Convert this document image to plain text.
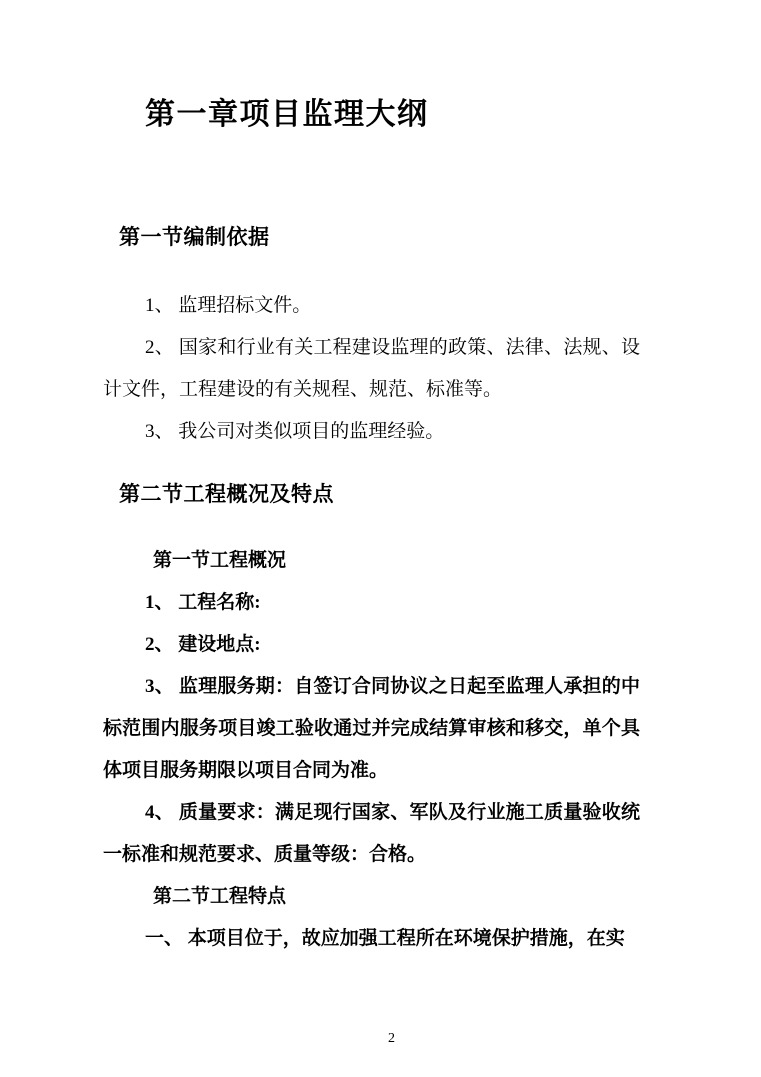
第一章项目监理大纲
第一节编制依据

1、 监理招标文件。

2、 国家和行业有关工程建设监理的政策、法律、法规、设计文件，工程建设的有关规程、规范、标准等。

3、 我公司对类似项目的监理经验。

第二节工程概况及特点

第一节工程概况

1、 工程名称:

2、 建设地点:

3、 监理服务期：自签订合同协议之日起至监理人承担的中标范围内服务项目竣工验收通过并完成结算审核和移交，单个具体项目服务期限以项目合同为准。

4、 质量要求：满足现行国家、军队及行业施工质量验收统一标准和规范要求、质量等级：合格。

第二节工程特点

一、 本项目位于，故应加强工程所在环境保护措施，在实

2
